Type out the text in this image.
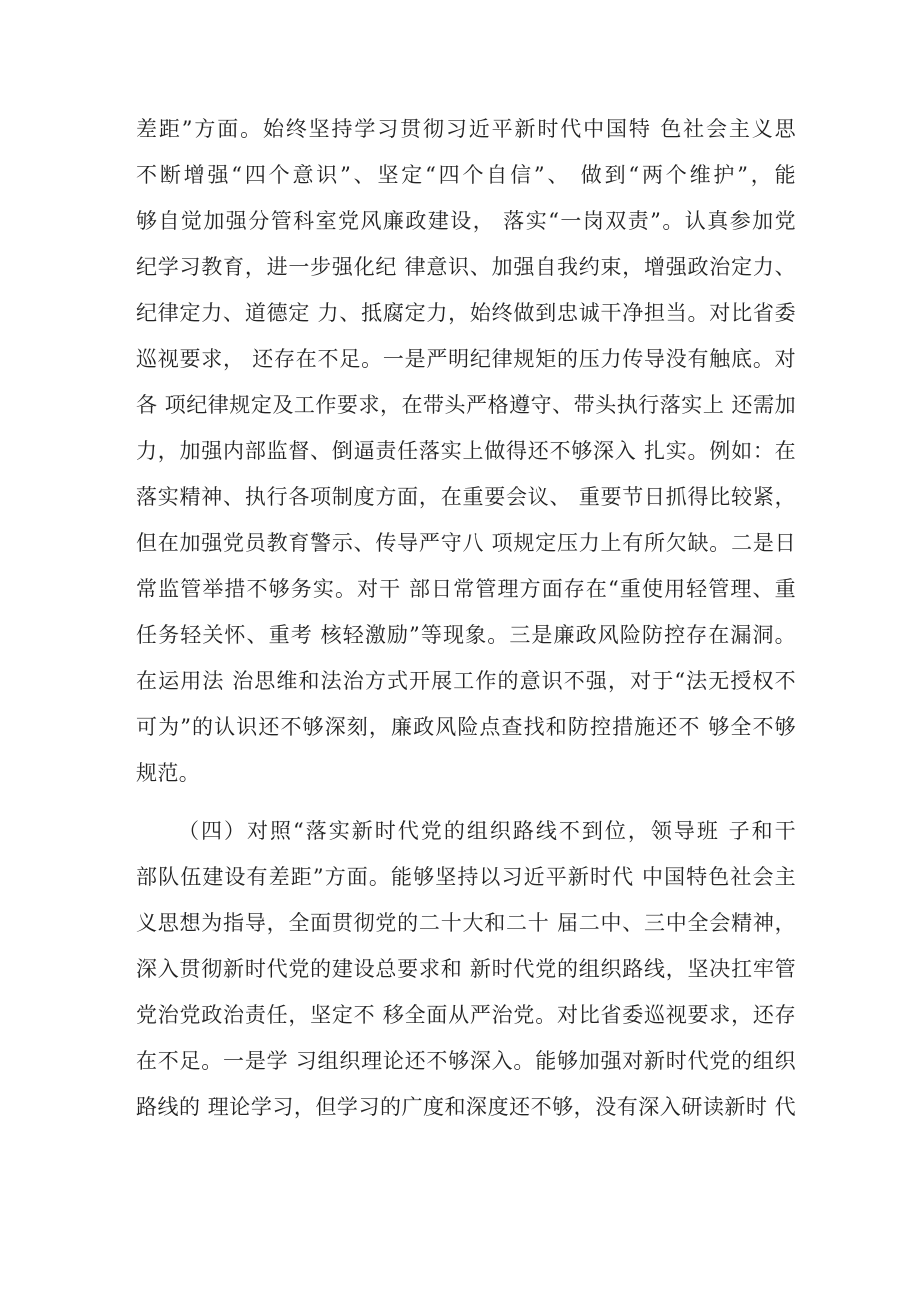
差距”方面。始终坚持学习贯彻习近平新时代中国特 色社会主义思
不断增强“四个意识”、坚定“四个自信”、 做到“两个维护”，能
够自觉加强分管科室党风廉政建设， 落实“一岗双责”。认真参加党
纪学习教育，进一步强化纪 律意识、加强自我约束，增强政治定力、
纪律定力、道德定 力、抵腐定力，始终做到忠诚干净担当。对比省委
巡视要求， 还存在不足。一是严明纪律规矩的压力传导没有触底。对
各 项纪律规定及工作要求，在带头严格遵守、带头执行落实上 还需加
力，加强内部监督、倒逼责任落实上做得还不够深入 扎实。例如：在
落实精神、执行各项制度方面，在重要会议、 重要节日抓得比较紧，
但在加强党员教育警示、传导严守八 项规定压力上有所欠缺。二是日
常监管举措不够务实。对干 部日常管理方面存在“重使用轻管理、重
任务轻关怀、重考 核轻激励”等现象。三是廉政风险防控存在漏洞。
在运用法 治思维和法治方式开展工作的意识不强，对于“法无授权不
可为”的认识还不够深刻，廉政风险点查找和防控措施还不 够全不够
规范。
（四）对照“落实新时代党的组织路线不到位，领导班 子和干
部队伍建设有差距”方面。能够坚持以习近平新时代 中国特色社会主
义思想为指导，全面贯彻党的二十大和二十 届二中、三中全会精神，
深入贯彻新时代党的建设总要求和 新时代党的组织路线，坚决扛牢管
党治党政治责任，坚定不 移全面从严治党。对比省委巡视要求，还存
在不足。一是学 习组织理论还不够深入。能够加强对新时代党的组织
路线的 理论学习，但学习的广度和深度还不够，没有深入研读新时 代
